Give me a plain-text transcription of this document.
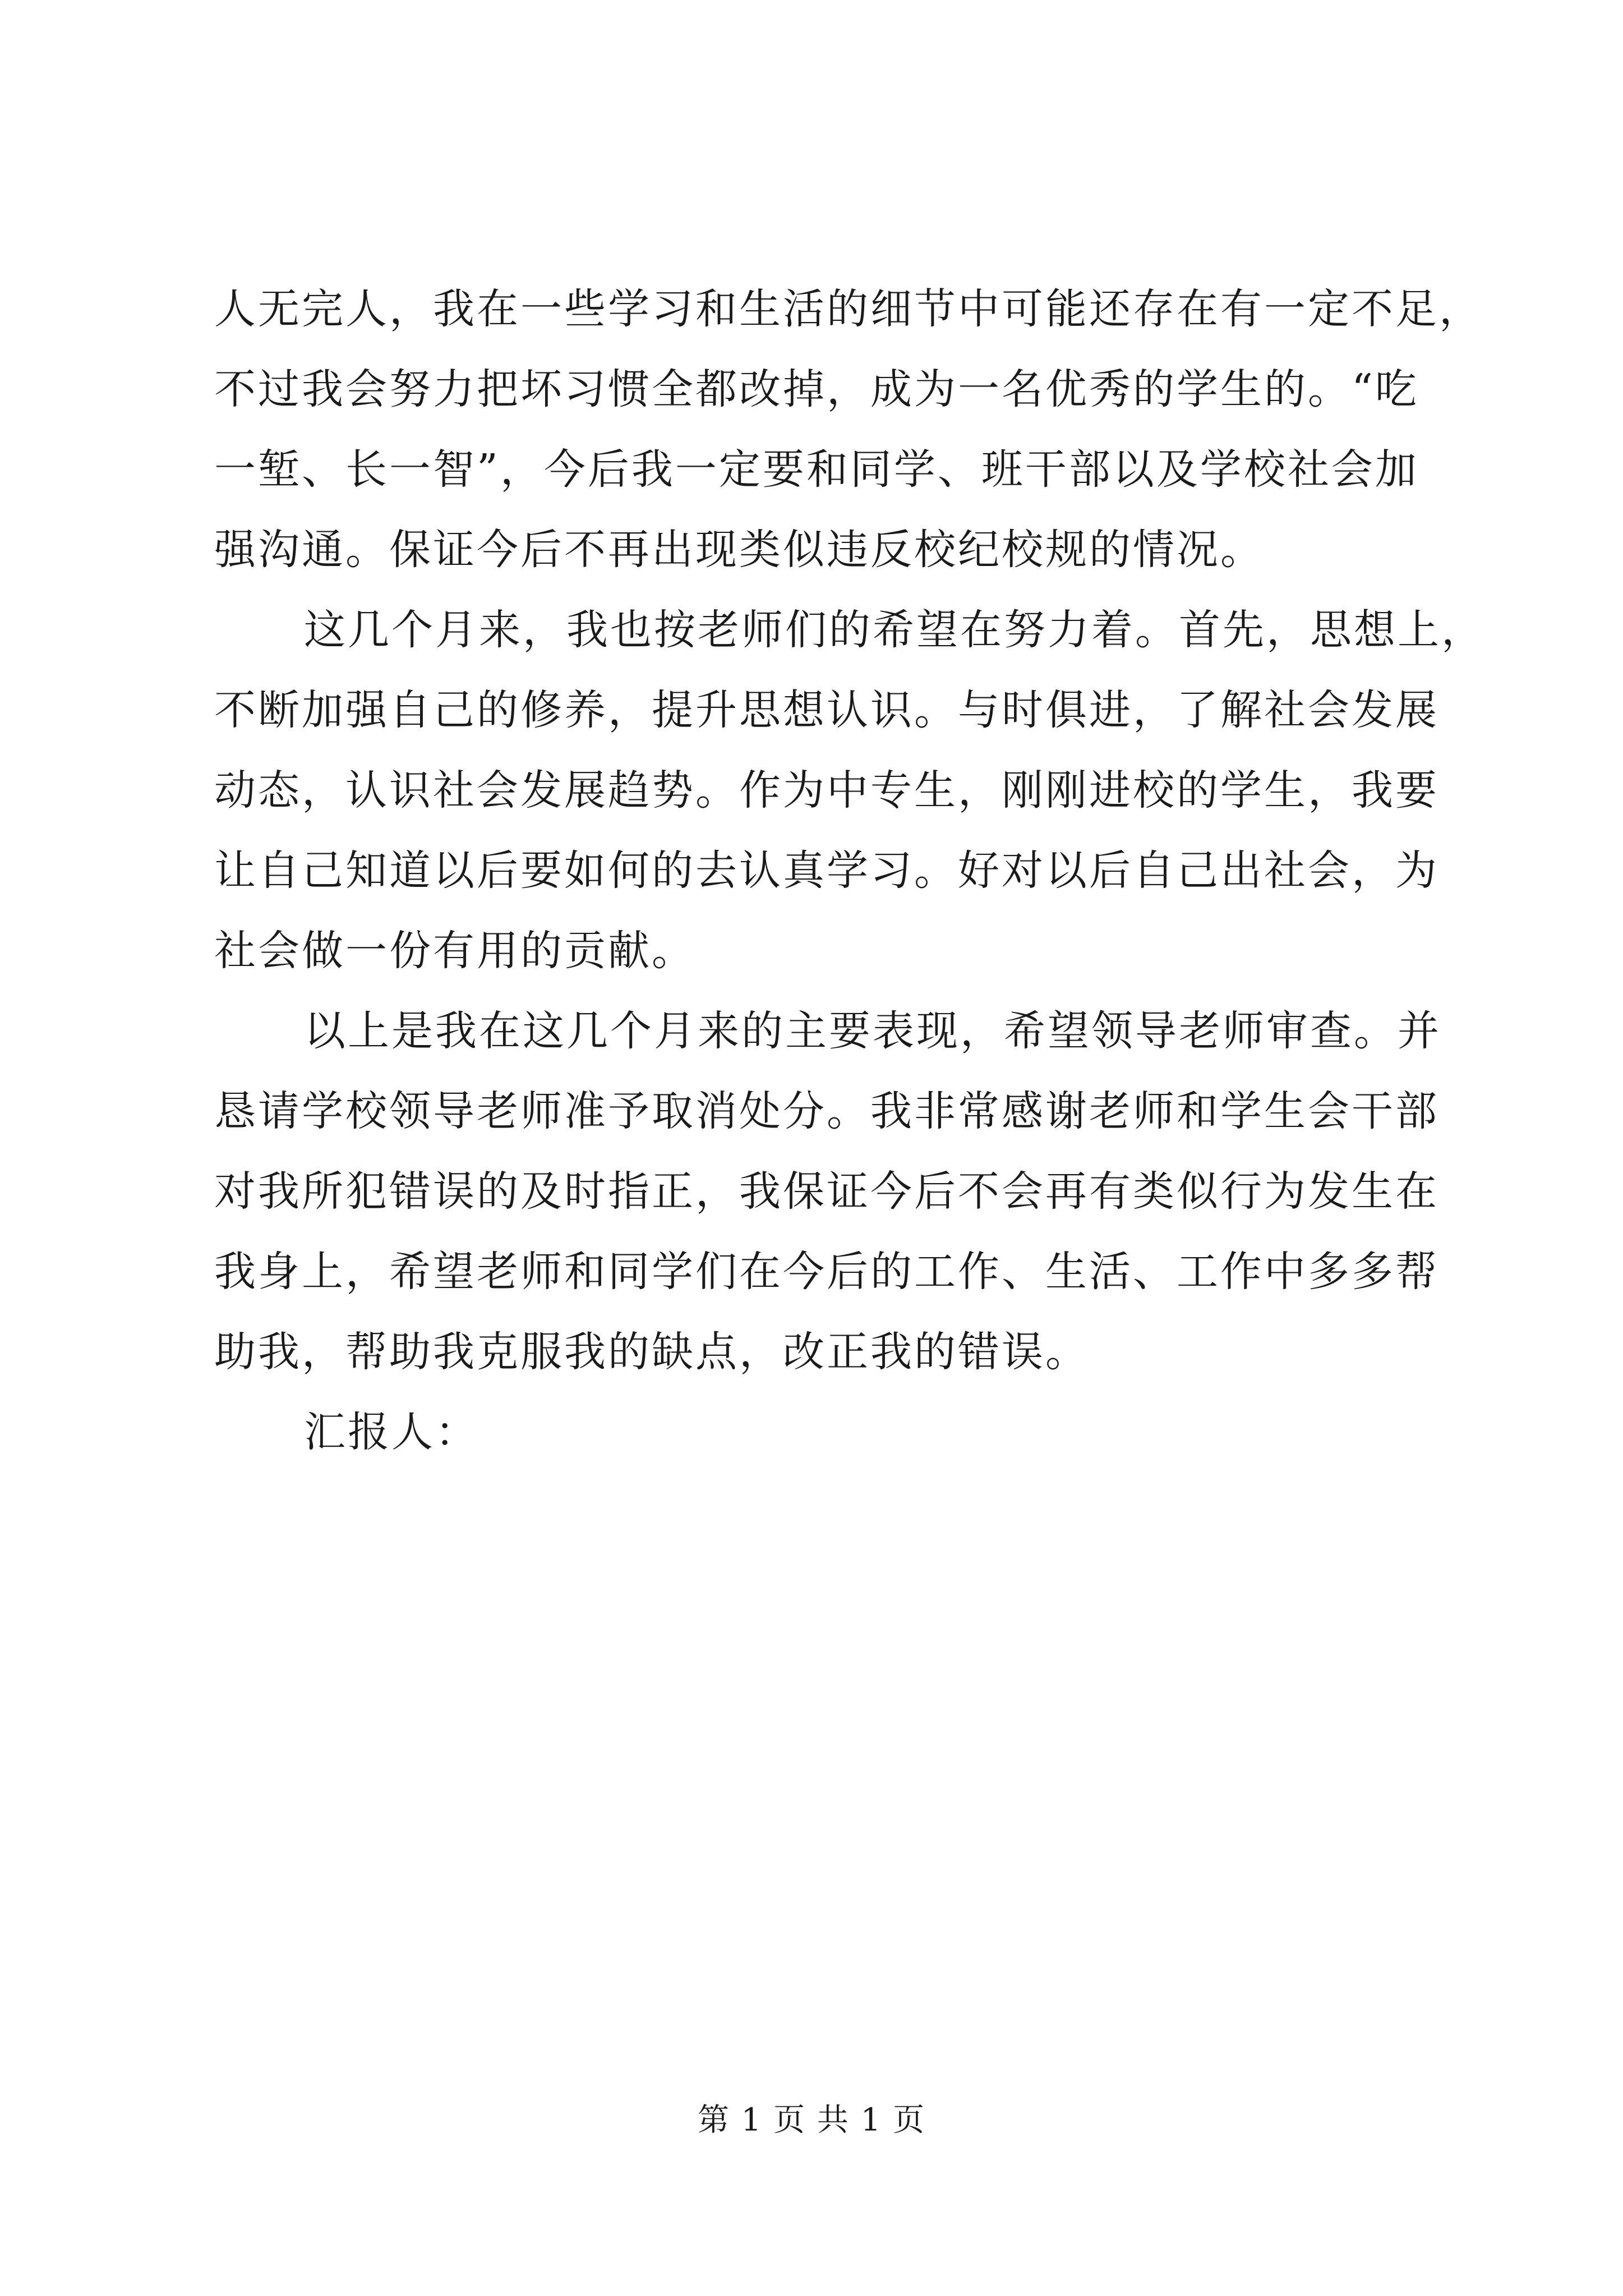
人无完人，我在一些学习和生活的细节中可能还存在有一定不足，
不过我会努力把坏习惯全都改掉，成为一名优秀的学生的。“吃
一堑、长一智”，今后我一定要和同学、班干部以及学校社会加
强沟通。保证今后不再出现类似违反校纪校规的情况。
这几个月来，我也按老师们的希望在努力着。首先，思想上，
不断加强自己的修养，提升思想认识。与时俱进，了解社会发展
动态，认识社会发展趋势。作为中专生，刚刚进校的学生，我要
让自己知道以后要如何的去认真学习。好对以后自己出社会，为
社会做一份有用的贡献。
以上是我在这几个月来的主要表现，希望领导老师审查。并
恳请学校领导老师准予取消处分。我非常感谢老师和学生会干部
对我所犯错误的及时指正，我保证今后不会再有类似行为发生在
我身上，希望老师和同学们在今后的工作、生活、工作中多多帮
助我，帮助我克服我的缺点，改正我的错误。
汇报人：
第 1 页 共 1 页
